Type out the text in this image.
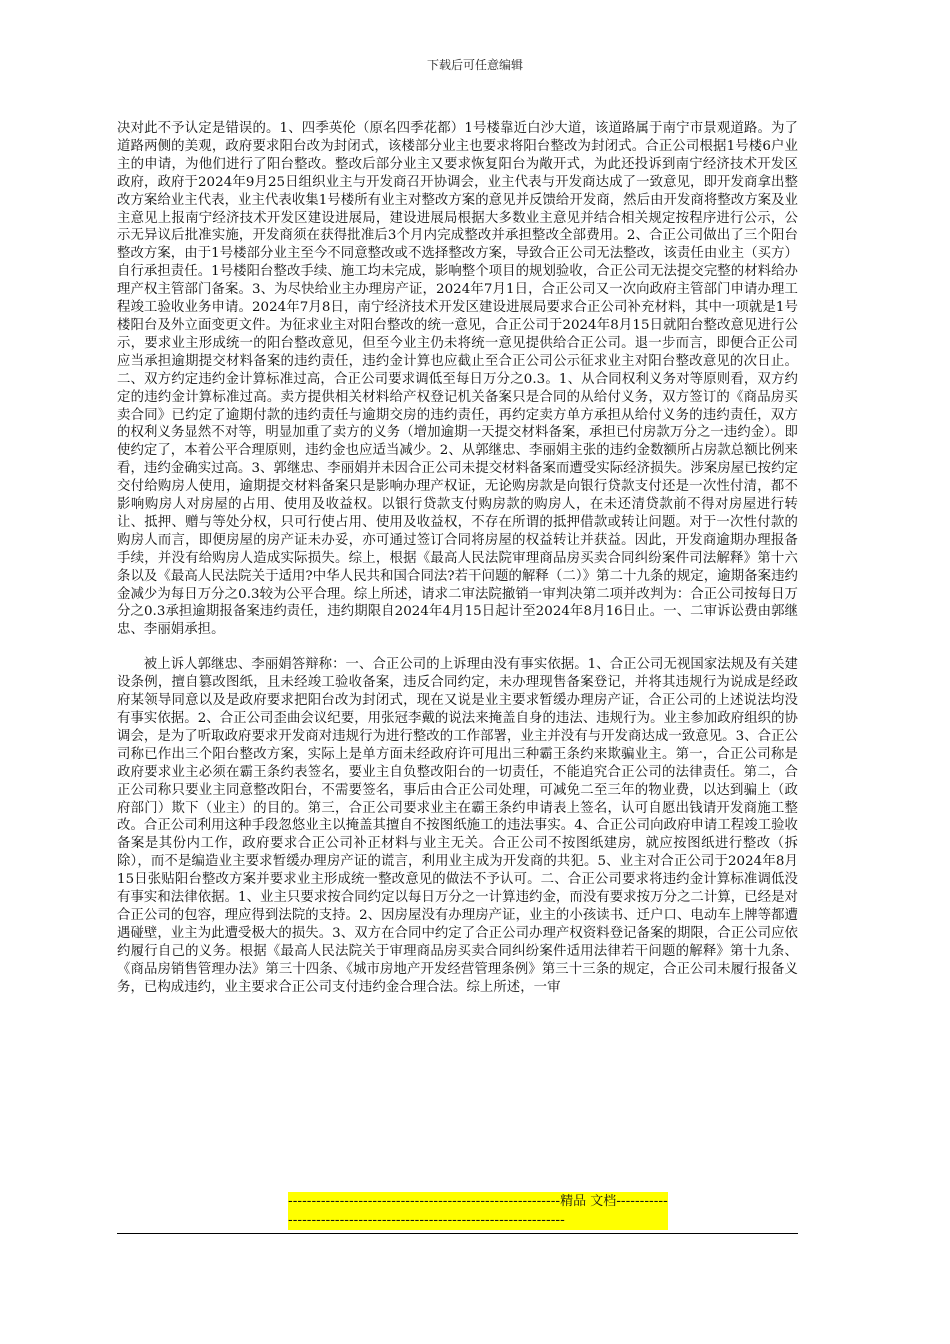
下载后可任意编辑

决对此不予认定是错误的。1、四季英伦（原名四季花都）1号楼靠近白沙大道，该道路属于南宁市景观道路。为了道路两侧的美观，政府要求阳台改为封闭式，该楼部分业主也要求将阳台整改为封闭式。合正公司根据1号楼6户业主的申请，为他们进行了阳台整改。整改后部分业主又要求恢复阳台为敞开式，为此还投诉到南宁经济技术开发区政府，政府于2024年9月25日组织业主与开发商召开协调会，业主代表与开发商达成了一致意见，即开发商拿出整改方案给业主代表，业主代表收集1号楼所有业主对整改方案的意见并反馈给开发商，然后由开发商将整改方案及业主意见上报南宁经济技术开发区建设进展局，建设进展局根据大多数业主意见并结合相关规定按程序进行公示，公示无异议后批准实施，开发商须在获得批准后3个月内完成整改并承担整改全部费用。2、合正公司做出了三个阳台整改方案，由于1号楼部分业主至今不同意整改或不选择整改方案，导致合正公司无法整改，该责任由业主（买方）自行承担责任。1号楼阳台整改手续、施工均未完成，影响整个项目的规划验收，合正公司无法提交完整的材料给办理产权主管部门备案。3、为尽快给业主办理房产证，2024年7月1日，合正公司又一次向政府主管部门申请办理工程竣工验收业务申请。2024年7月8日，南宁经济技术开发区建设进展局要求合正公司补充材料，其中一项就是1号楼阳台及外立面变更文件。为征求业主对阳台整改的统一意见，合正公司于2024年8月15日就阳台整改意见进行公示，要求业主形成统一的阳台整改意见，但至今业主仍未将统一意见提供给合正公司。退一步而言，即便合正公司应当承担逾期提交材料备案的违约责任，违约金计算也应截止至合正公司公示征求业主对阳台整改意见的次日止。二、双方约定违约金计算标准过高，合正公司要求调低至每日万分之0.3。1、从合同权利义务对等原则看，双方约定的违约金计算标准过高。卖方提供相关材料给产权登记机关备案只是合同的从给付义务，双方签订的《商品房买卖合同》已约定了逾期付款的违约责任与逾期交房的违约责任，再约定卖方单方承担从给付义务的违约责任，双方的权利义务显然不对等，明显加重了卖方的义务（增加逾期一天提交材料备案，承担已付房款万分之一违约金）。即使约定了，本着公平合理原则，违约金也应适当减少。2、从郭继忠、李丽娟主张的违约金数额所占房款总额比例来看，违约金确实过高。3、郭继忠、李丽娟并未因合正公司未提交材料备案而遭受实际经济损失。涉案房屋已按约定交付给购房人使用，逾期提交材料备案只是影响办理产权证，无论购房款是向银行贷款支付还是一次性付清，都不影响购房人对房屋的占用、使用及收益权。以银行贷款支付购房款的购房人，在未还清贷款前不得对房屋进行转让、抵押、赠与等处分权，只可行使占用、使用及收益权，不存在所谓的抵押借款或转让问题。对于一次性付款的购房人而言，即便房屋的房产证未办妥，亦可通过签订合同将房屋的权益转让并获益。因此，开发商逾期办理报备手续，并没有给购房人造成实际损失。综上，根据《最高人民法院审理商品房买卖合同纠纷案件司法解释》第十六条以及《最高人民法院关于适用?中华人民共和国合同法?若干问题的解释（二）》第二十九条的规定，逾期备案违约金减少为每日万分之0.3较为公平合理。综上所述，请求二审法院撤销一审判决第二项并改判为：合正公司按每日万分之0.3承担逾期报备案违约责任，违约期限自2024年4月15日起计至2024年8月16日止。一、二审诉讼费由郭继忠、李丽娟承担。

被上诉人郭继忠、李丽娟答辩称：一、合正公司的上诉理由没有事实依据。1、合正公司无视国家法规及有关建设条例，擅自篡改图纸，且未经竣工验收备案，违反合同约定，未办理现售备案登记，并将其违规行为说成是经政府某领导同意以及是政府要求把阳台改为封闭式，现在又说是业主要求暂缓办理房产证，合正公司的上述说法均没有事实依据。2、合正公司歪曲会议纪要，用张冠李戴的说法来掩盖自身的违法、违规行为。业主参加政府组织的协调会，是为了听取政府要求开发商对违规行为进行整改的工作部署，业主并没有与开发商达成一致意见。3、合正公司称已作出三个阳台整改方案，实际上是单方面未经政府许可甩出三种霸王条约来欺骗业主。第一，合正公司称是政府要求业主必须在霸王条约表签名，要业主自负整改阳台的一切责任，不能追究合正公司的法律责任。第二，合正公司称只要业主同意整改阳台，不需要签名，事后由合正公司处理，可减免二至三年的物业费，以达到骗上（政府部门）欺下（业主）的目的。第三，合正公司要求业主在霸王条约申请表上签名，认可自愿出钱请开发商施工整改。合正公司利用这种手段忽悠业主以掩盖其擅自不按图纸施工的违法事实。4、合正公司向政府申请工程竣工验收备案是其份内工作，政府要求合正公司补正材料与业主无关。合正公司不按图纸建房，就应按图纸进行整改（拆除），而不是编造业主要求暂缓办理房产证的谎言，利用业主成为开发商的共犯。5、业主对合正公司于2024年8月15日张贴阳台整改方案并要求业主形成统一整改意见的做法不予认可。二、合正公司要求将违约金计算标准调低没有事实和法律依据。1、业主只要求按合同约定以每日万分之一计算违约金，而没有要求按万分之二计算，已经是对合正公司的包容，理应得到法院的支持。2、因房屋没有办理房产证，业主的小孩读书、迁户口、电动车上牌等都遭遇碰壁，业主为此遭受极大的损失。3、双方在合同中约定了合正公司办理产权资料登记备案的期限，合正公司应依约履行自己的义务。根据《最高人民法院关于审理商品房买卖合同纠纷案件适用法律若干问题的解释》第十九条、《商品房销售管理办法》第三十四条、《城市房地产开发经营管理条例》第三十三条的规定，合正公司未履行报备义务，已构成违约，业主要求合正公司支付违约金合理合法。综上所述，一审

----------------------------------------------------------精品 文档----------------------------------------------------------------------
